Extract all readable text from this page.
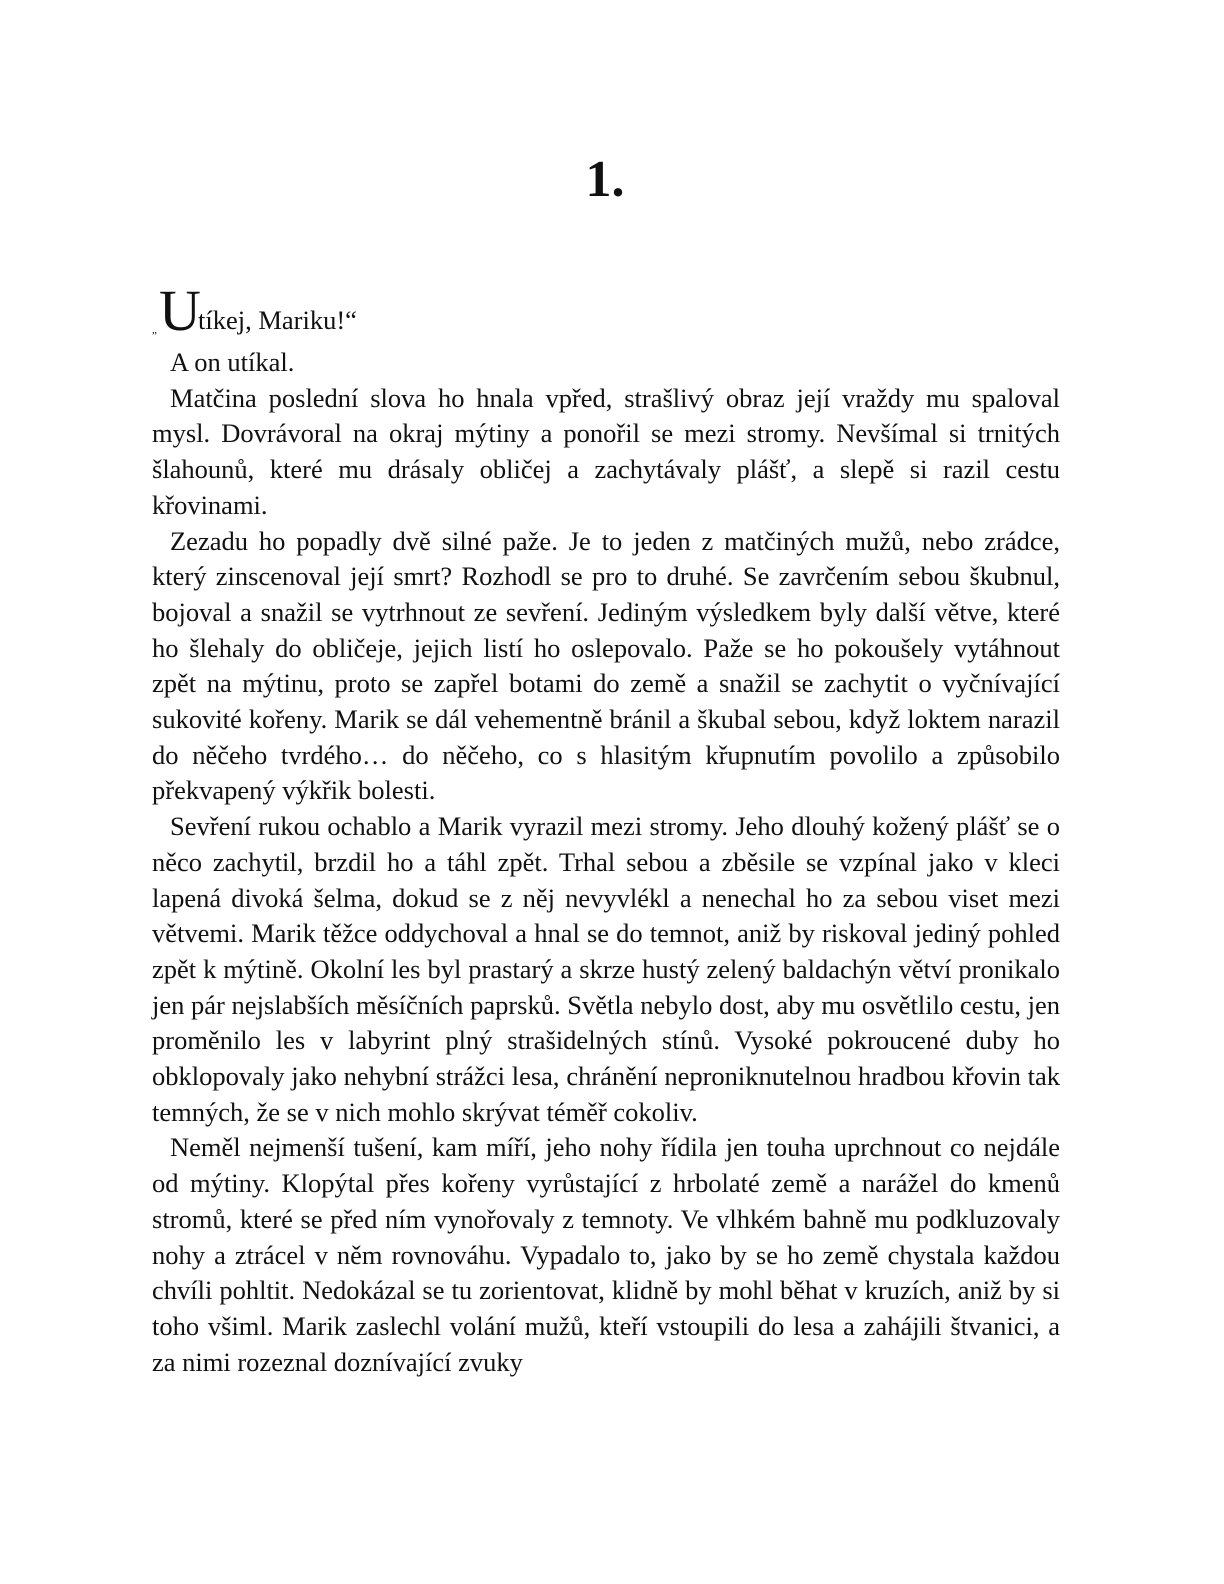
1.
„ U
tíkej, Mariku!“

A on utíkal.

Matčina poslední slova ho hnala vpřed, strašlivý obraz její vraždy mu spaloval mysl. Dovrávoral na okraj mýtiny a ponořil se mezi stromy. Nevšímal si trnitých šlahounů, které mu drásaly obličej a zachytávaly plášť, a slepě si razil cestu křovinami.

Zezadu ho popadly dvě silné paže. Je to jeden z matčiných mužů, nebo zrádce, který zinscenoval její smrt? Rozhodl se pro to druhé. Se zavrčením sebou škubnul, bojoval a snažil se vytrhnout ze sevření. Jediným výsledkem byly další větve, které ho šlehaly do obličeje, jejich listí ho oslepovalo. Paže se ho pokoušely vytáhnout zpět na mýtinu, proto se zapřel botami do země a snažil se zachytit o vyčnívající sukovité kořeny. Marik se dál vehementně bránil a škubal sebou, když loktem narazil do něčeho tvrdého… do něčeho, co s hlasitým křupnutím povolilo a způsobilo překvapený výkřik bolesti.

Sevření rukou ochablo a Marik vyrazil mezi stromy. Jeho dlouhý kožený plášť se o něco zachytil, brzdil ho a táhl zpět. Trhal sebou a zběsile se vzpínal jako v kleci lapená divoká šelma, dokud se z něj nevyvlékl a nenechal ho za sebou viset mezi větvemi. Marik těžce oddychoval a hnal se do temnot, aniž by riskoval jediný pohled zpět k mýtině. Okolní les byl prastarý a skrze hustý zelený baldachýn větví pronikalo jen pár nejslabších měsíčních paprsků. Světla nebylo dost, aby mu osvětlilo cestu, jen proměnilo les v labyrint plný strašidelných stínů. Vysoké pokroucené duby ho obklopovaly jako nehybní strážci lesa, chránění neproniknutelnou hradbou křovin tak temných, že se v nich mohlo skrývat téměř cokoliv.

Neměl nejmenší tušení, kam míří, jeho nohy řídila jen touha uprchnout co nejdále od mýtiny. Klopýtal přes kořeny vyrůstající z hrbolaté země a narážel do kmenů stromů, které se před ním vynořovaly z temnoty. Ve vlhkém bahně mu podkluzovaly nohy a ztrácel v něm rovnováhu. Vypadalo to, jako by se ho země chystala každou chvíli pohltit. Nedokázal se tu zorientovat, klidně by mohl běhat v kruzích, aniž by si toho všiml. Marik zaslechl volání mužů, kteří vstoupili do lesa a zahájili štvanici, a za nimi rozeznal doznívající zvuky
